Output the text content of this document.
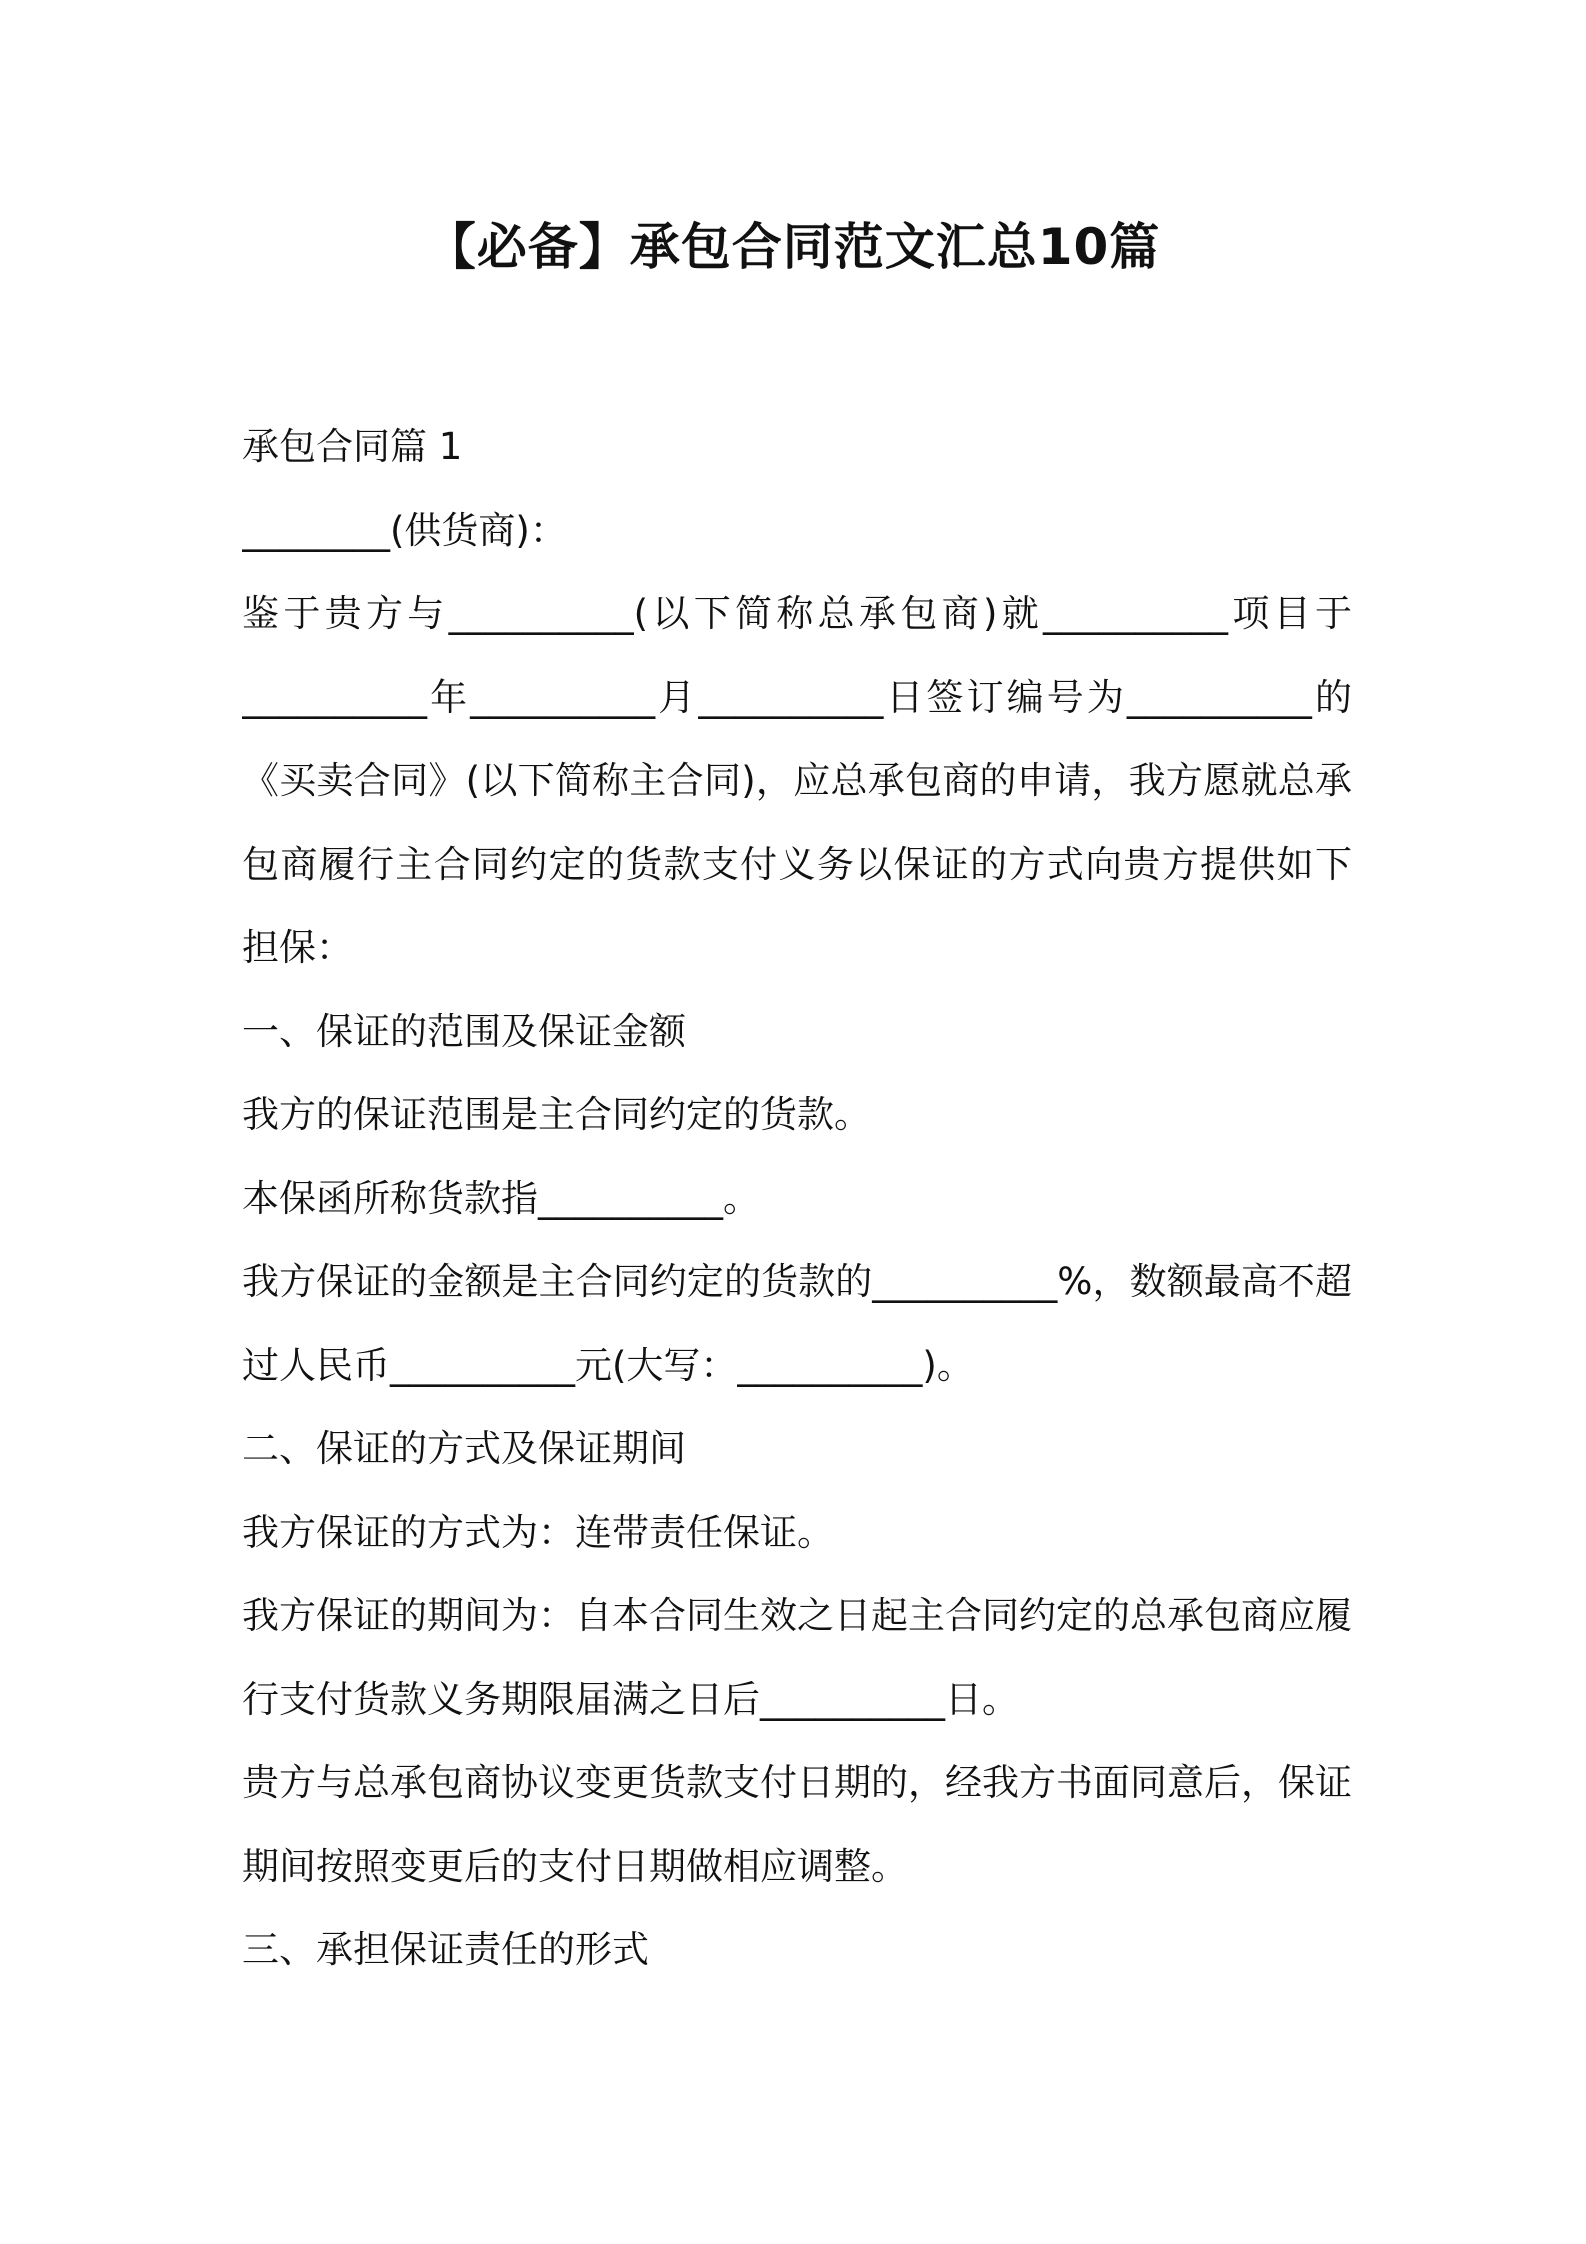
【必备】承包合同范文汇总10篇

承包合同篇 1

________(供货商)：

鉴于贵方与__________(以下简称总承包商)就__________项目于

__________年__________月__________日签订编号为__________的

《买卖合同》(以下简称主合同)，应总承包商的申请，我方愿就总承

包商履行主合同约定的货款支付义务以保证的方式向贵方提供如下

担保：

一、保证的范围及保证金额

我方的保证范围是主合同约定的货款。

本保函所称货款指__________。

我方保证的金额是主合同约定的货款的__________%，数额最高不超

过人民币__________元(大写：__________)。

二、保证的方式及保证期间

我方保证的方式为：连带责任保证。

我方保证的期间为：自本合同生效之日起主合同约定的总承包商应履

行支付货款义务期限届满之日后__________日。

贵方与总承包商协议变更货款支付日期的，经我方书面同意后，保证

期间按照变更后的支付日期做相应调整。

三、承担保证责任的形式
